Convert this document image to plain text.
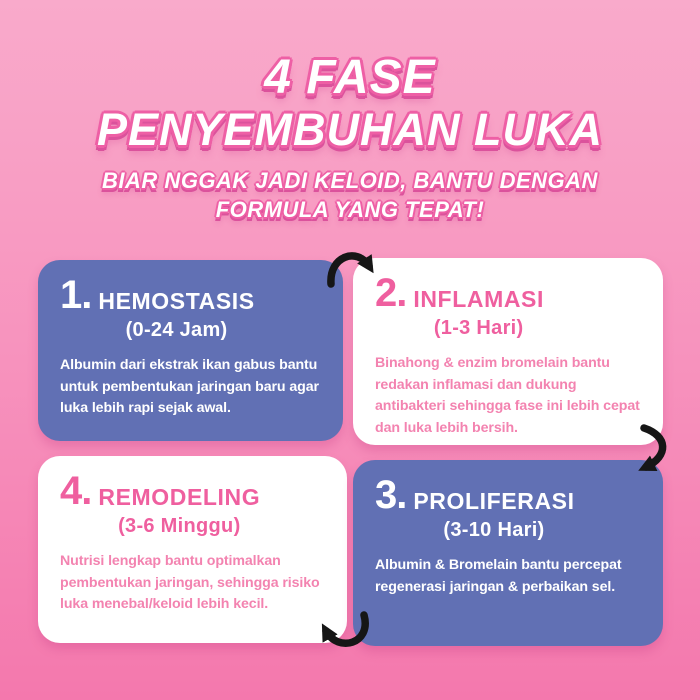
4 FASE
PENYEMBUHAN LUKA
BIAR NGGAK JADI KELOID, BANTU DENGAN
FORMULA YANG TEPAT!
1. HEMOSTASIS
(0-24 Jam)

Albumin dari ekstrak ikan gabus bantu untuk pembentukan jaringan baru agar luka lebih rapi sejak awal.

2. INFLAMASI
(1-3 Hari)

Binahong & enzim bromelain bantu redakan inflamasi dan dukung antibakteri sehingga fase ini lebih cepat dan luka lebih bersih.

4. REMODELING
(3-6 Minggu)

Nutrisi lengkap bantu optimalkan pembentukan jaringan, sehingga risiko luka menebal/keloid lebih kecil.

3. PROLIFERASI
(3-10 Hari)

Albumin & Bromelain bantu percepat regenerasi jaringan & perbaikan sel.
